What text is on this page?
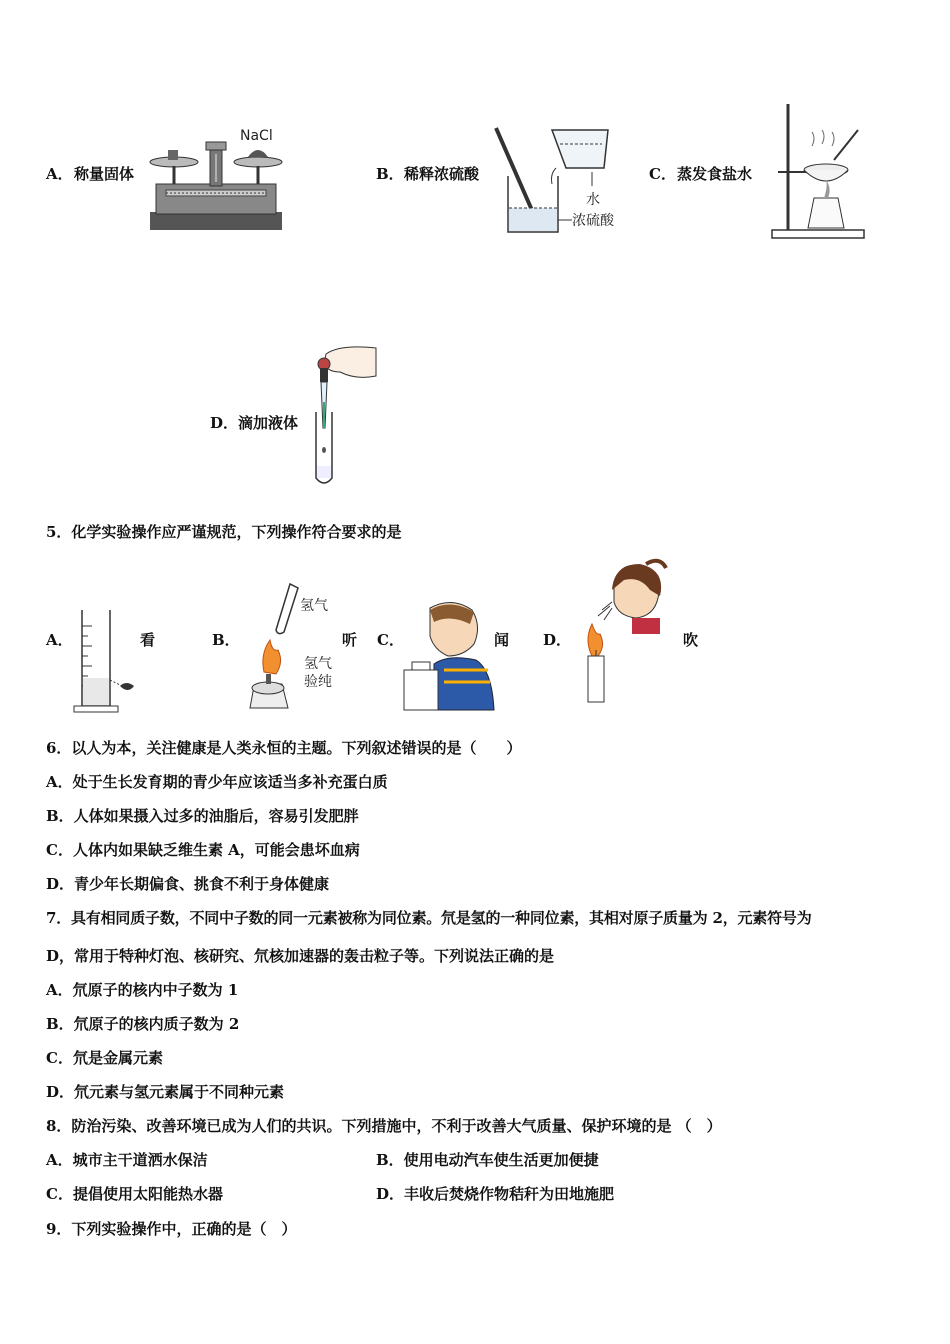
A． 称量固体
NaCl
B． 稀释浓硫酸
水
浓硫酸
C． 蒸发食盐水
D． 滴加液体
5．化学实验操作应严谨规范，下列操作符合要求的是
A．	看	B．
氢气
氢气
验纯
听 C．	闻 D．	吹
6．以人为本，关注健康是人类永恒的主题。下列叙述错误的是（　　）
A．处于生长发育期的青少年应该适当多补充蛋白质
B．人体如果摄入过多的油脂后，容易引发肥胖
C．人体内如果缺乏维生素 A，可能会患坏血病
D．青少年长期偏食、挑食不利于身体健康
7．具有相同质子数，不同中子数的同一元素被称为同位素。氘是氢的一种同位素，其相对原子质量为 2，元素符号为
D，常用于特种灯泡、核研究、氘核加速器的轰击粒子等。下列说法正确的是
A．氘原子的核内中子数为 1
B．氘原子的核内质子数为 2
C．氘是金属元素
D．氘元素与氢元素属于不同种元素
8．防治污染、改善环境已成为人们的共识。下列措施中，不利于改善大气质量、保护环境的是 （　）
A．城市主干道洒水保洁	B．使用电动汽车使生活更加便捷
C．提倡使用太阳能热水器	D．丰收后焚烧作物秸秆为田地施肥
9．下列实验操作中，正确的是（　）
